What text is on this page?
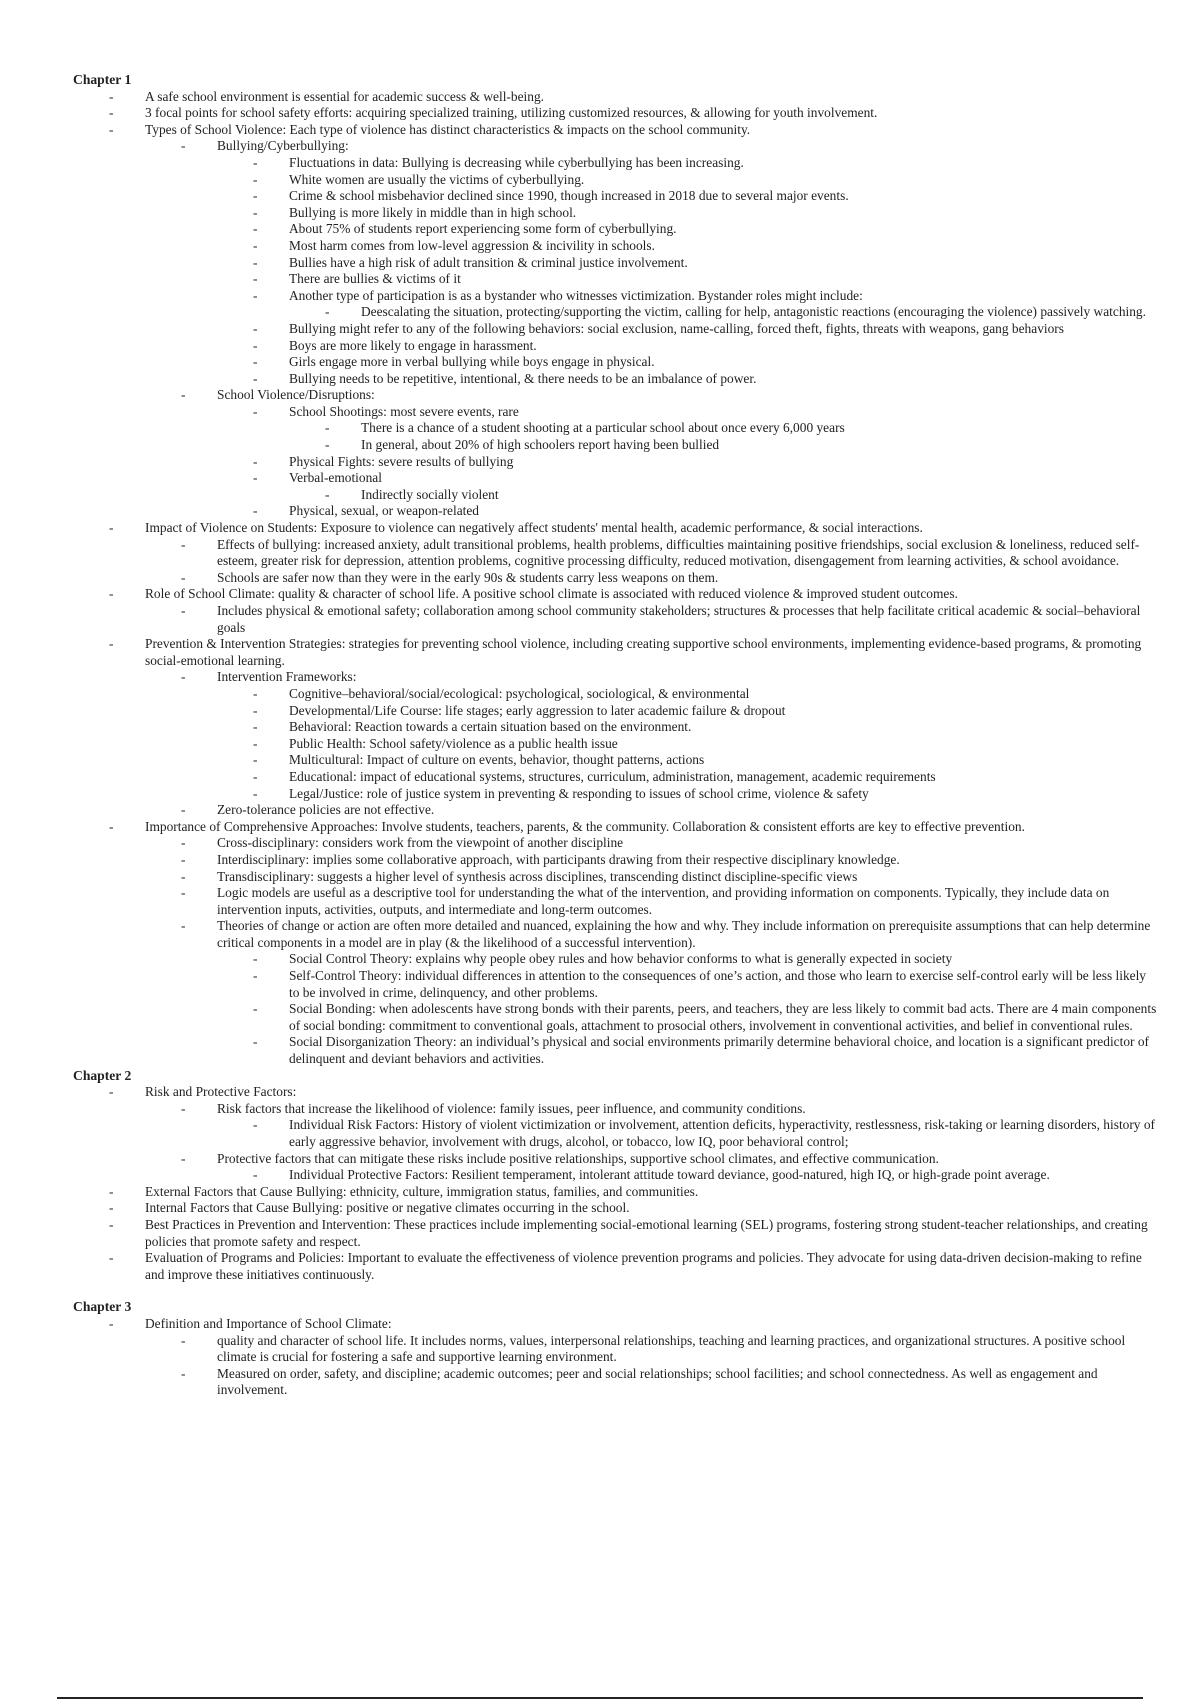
Chapter 1
- A safe school environment is essential for academic success & well-being.
- 3 focal points for school safety efforts: acquiring specialized training, utilizing customized resources, & allowing for youth involvement.
- Types of School Violence: Each type of violence has distinct characteristics & impacts on the school community.
- Bullying/Cyberbullying:
- Fluctuations in data: Bullying is decreasing while cyberbullying has been increasing.
- White women are usually the victims of cyberbullying.
- Crime & school misbehavior declined since 1990, though increased in 2018 due to several major events.
- Bullying is more likely in middle than in high school.
- About 75% of students report experiencing some form of cyberbullying.
- Most harm comes from low-level aggression & incivility in schools.
- Bullies have a high risk of adult transition & criminal justice involvement.
- There are bullies & victims of it
- Another type of participation is as a bystander who witnesses victimization. Bystander roles might include:
- Deescalating the situation, protecting/supporting the victim, calling for help, antagonistic reactions (encouraging the violence) passively watching.
- Bullying might refer to any of the following behaviors: social exclusion, name-calling, forced theft, fights, threats with weapons, gang behaviors
- Boys are more likely to engage in harassment.
- Girls engage more in verbal bullying while boys engage in physical.
- Bullying needs to be repetitive, intentional, & there needs to be an imbalance of power.
- School Violence/Disruptions:
- School Shootings: most severe events, rare
- There is a chance of a student shooting at a particular school about once every 6,000 years
- In general, about 20% of high schoolers report having been bullied
- Physical Fights: severe results of bullying
- Verbal-emotional
- Indirectly socially violent
- Physical, sexual, or weapon-related
- Impact of Violence on Students: Exposure to violence can negatively affect students' mental health, academic performance, & social interactions.
- Effects of bullying: increased anxiety, adult transitional problems, health problems, difficulties maintaining positive friendships, social exclusion & loneliness, reduced self-esteem, greater risk for depression, attention problems, cognitive processing difficulty, reduced motivation, disengagement from learning activities, & school avoidance.
- Schools are safer now than they were in the early 90s & students carry less weapons on them.
- Role of School Climate: quality & character of school life. A positive school climate is associated with reduced violence & improved student outcomes.
- Includes physical & emotional safety; collaboration among school community stakeholders; structures & processes that help facilitate critical academic & social–behavioral goals
- Prevention & Intervention Strategies: strategies for preventing school violence, including creating supportive school environments, implementing evidence-based programs, & promoting social-emotional learning.
- Intervention Frameworks:
- Cognitive–behavioral/social/ecological: psychological, sociological, & environmental
- Developmental/Life Course: life stages; early aggression to later academic failure & dropout
- Behavioral: Reaction towards a certain situation based on the environment.
- Public Health: School safety/violence as a public health issue
- Multicultural: Impact of culture on events, behavior, thought patterns, actions
- Educational: impact of educational systems, structures, curriculum, administration, management, academic requirements
- Legal/Justice: role of justice system in preventing & responding to issues of school crime, violence & safety
- Zero-tolerance policies are not effective.
- Importance of Comprehensive Approaches: Involve students, teachers, parents, & the community. Collaboration & consistent efforts are key to effective prevention.
- Cross-disciplinary: considers work from the viewpoint of another discipline
- Interdisciplinary: implies some collaborative approach, with participants drawing from their respective disciplinary knowledge.
- Transdisciplinary: suggests a higher level of synthesis across disciplines, transcending distinct discipline-specific views
- Logic models are useful as a descriptive tool for understanding the what of the intervention, and providing information on components. Typically, they include data on intervention inputs, activities, outputs, and intermediate and long-term outcomes.
- Theories of change or action are often more detailed and nuanced, explaining the how and why. They include information on prerequisite assumptions that can help determine critical components in a model are in play (& the likelihood of a successful intervention).
- Social Control Theory: explains why people obey rules and how behavior conforms to what is generally expected in society
- Self-Control Theory: individual differences in attention to the consequences of one’s action, and those who learn to exercise self-control early will be less likely to be involved in crime, delinquency, and other problems.
- Social Bonding: when adolescents have strong bonds with their parents, peers, and teachers, they are less likely to commit bad acts. There are 4 main components of social bonding: commitment to conventional goals, attachment to prosocial others, involvement in conventional activities, and belief in conventional rules.
- Social Disorganization Theory: an individual’s physical and social environments primarily determine behavioral choice, and location is a significant predictor of delinquent and deviant behaviors and activities.
Chapter 2
- Risk and Protective Factors:
- Risk factors that increase the likelihood of violence: family issues, peer influence, and community conditions.
- Individual Risk Factors: History of violent victimization or involvement, attention deficits, hyperactivity, restlessness, risk-taking or learning disorders, history of early aggressive behavior, involvement with drugs, alcohol, or tobacco, low IQ, poor behavioral control;
- Protective factors that can mitigate these risks include positive relationships, supportive school climates, and effective communication.
- Individual Protective Factors: Resilient temperament, intolerant attitude toward deviance, good-natured, high IQ, or high-grade point average.
- External Factors that Cause Bullying: ethnicity, culture, immigration status, families, and communities.
- Internal Factors that Cause Bullying: positive or negative climates occurring in the school.
- Best Practices in Prevention and Intervention: These practices include implementing social-emotional learning (SEL) programs, fostering strong student-teacher relationships, and creating policies that promote safety and respect.
- Evaluation of Programs and Policies: Important to evaluate the effectiveness of violence prevention programs and policies. They advocate for using data-driven decision-making to refine and improve these initiatives continuously.
Chapter 3
- Definition and Importance of School Climate:
- quality and character of school life. It includes norms, values, interpersonal relationships, teaching and learning practices, and organizational structures. A positive school climate is crucial for fostering a safe and supportive learning environment.
- Measured on order, safety, and discipline; academic outcomes; peer and social relationships; school facilities; and school connectedness. As well as engagement and involvement.
